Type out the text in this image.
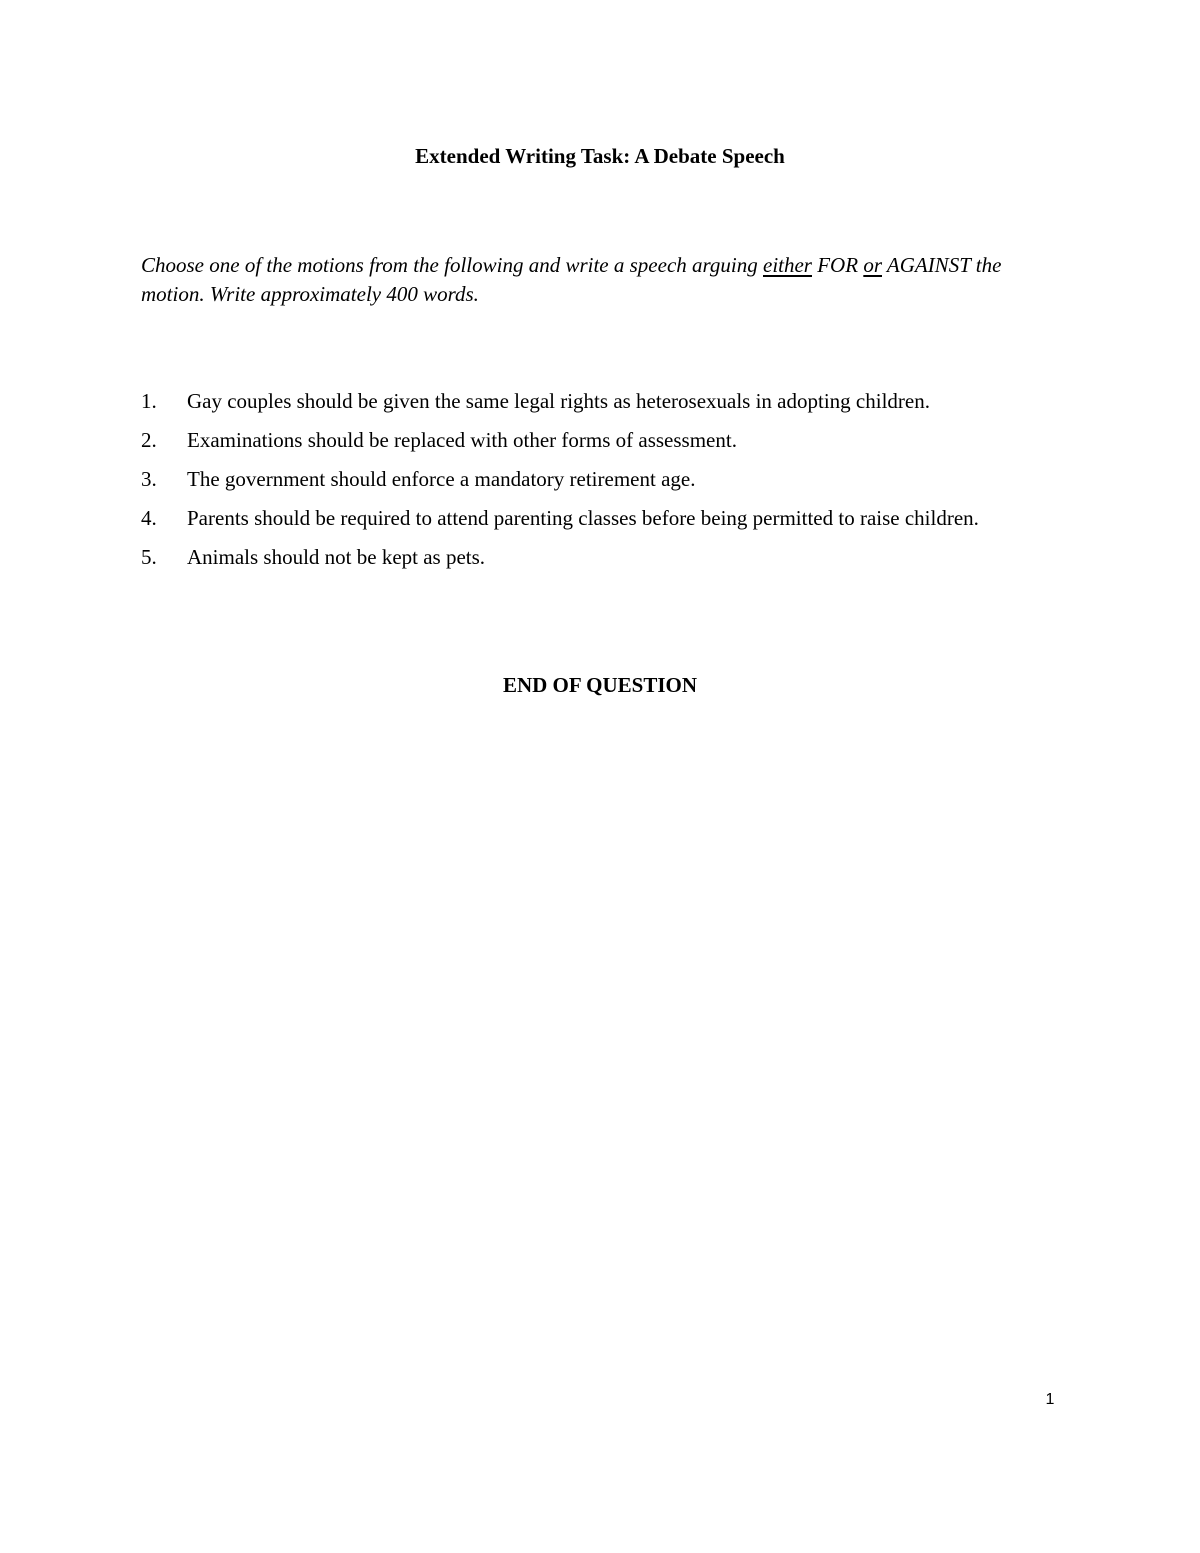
Extended Writing Task: A Debate Speech

Choose one of the motions from the following and write a speech arguing either FOR or AGAINST the motion. Write approximately 400 words.

1.	Gay couples should be given the same legal rights as heterosexuals in adopting children.
2.	Examinations should be replaced with other forms of assessment.
3.	The government should enforce a mandatory retirement age.
4.	Parents should be required to attend parenting classes before being permitted to raise children.
5.	Animals should not be kept as pets.

END OF QUESTION

1
